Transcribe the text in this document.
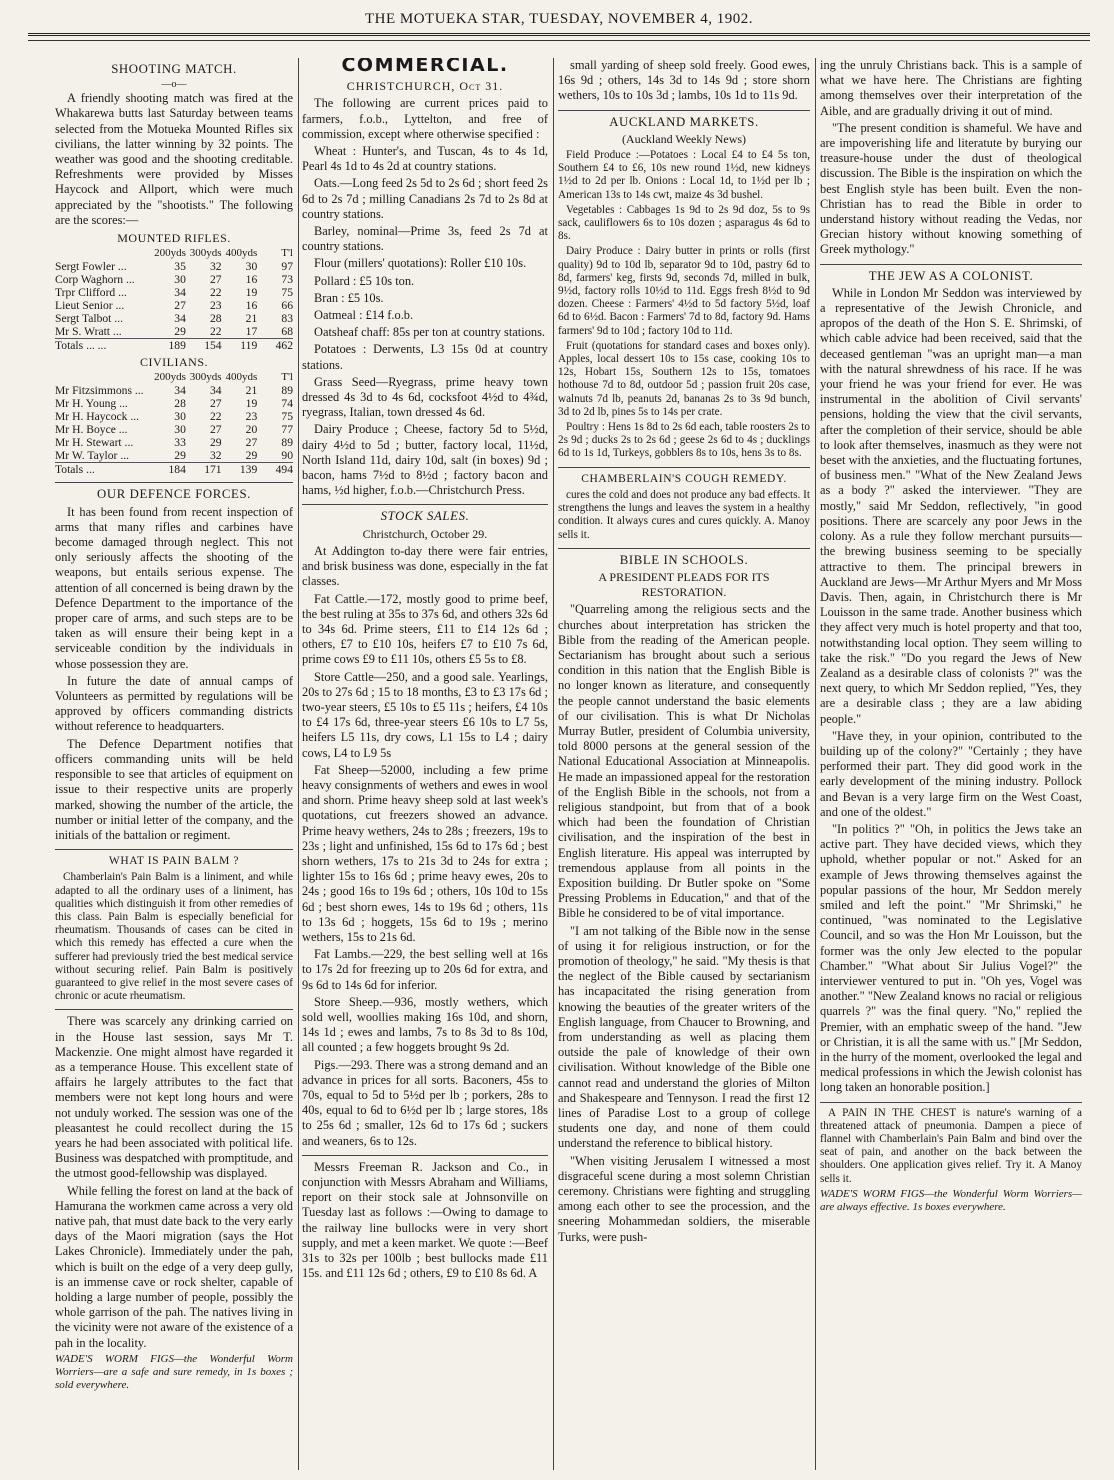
THE MOTUEKA STAR, TUESDAY, NOVEMBER 4, 1902.
SHOOTING MATCH.
—o—

A friendly shooting match was fired at the Whakarewa butts last Saturday between teams selected from the Motueka Mounted Rifles six civilians, the latter winning by 32 points. The weather was good and the shooting creditable. Refreshments were provided by Misses Haycock and Allport, which were much appreciated by the "shootists." The following are the scores:—

MOUNTED RIFLES.
	200yds	300yds	400yds	T'l
Sergt Fowler ...	35	32	30	97
Corp Waghorn ...	30	27	16	73
Trpr Clifford ...	34	22	19	75
Lieut Senior ...	27	23	16	66
Sergt Talbot ...	34	28	21	83
Mr S. Wratt ...	29	22	17	68
Totals ... ...	189	154	119	462
CIVILIANS.
	200yds	300yds	400yds	T'l
Mr Fitzsimmons ...	34	34	21	89
Mr H. Young ...	28	27	19	74
Mr H. Haycock ...	30	22	23	75
Mr H. Boyce ...	30	27	20	77
Mr H. Stewart ...	33	29	27	89
Mr W. Taylor ...	29	32	29	90
Totals ...	184	171	139	494
OUR DEFENCE FORCES.

It has been found from recent inspection of arms that many rifles and carbines have become damaged through neglect. This not only seriously affects the shooting of the weapons, but entails serious expense. The attention of all concerned is being drawn by the Defence Department to the importance of the proper care of arms, and such steps are to be taken as will ensure their being kept in a serviceable condition by the individuals in whose possession they are.

In future the date of annual camps of Volunteers as permitted by regulations will be approved by officers commanding districts without reference to headquarters.

The Defence Department notifies that officers commanding units will be held responsible to see that articles of equipment on issue to their respective units are properly marked, showing the number of the article, the number or initial letter of the company, and the initials of the battalion or regiment.

WHAT IS PAIN BALM ?

Chamberlain's Pain Balm is a liniment, and while adapted to all the ordinary uses of a liniment, has qualities which distinguish it from other remedies of this class. Pain Balm is especially beneficial for rheumatism. Thousands of cases can be cited in which this remedy has effected a cure when the sufferer had previously tried the best medical service without securing relief. Pain Balm is positively guaranteed to give relief in the most severe cases of chronic or acute rheumatism.

There was scarcely any drinking carried on in the House last session, says Mr T. Mackenzie. One might almost have regarded it as a temperance House. This excellent state of affairs he largely attributes to the fact that members were not kept long hours and were not unduly worked. The session was one of the pleasantest he could recollect during the 15 years he had been associated with political life. Business was despatched with promptitude, and the utmost good-fellowship was displayed.

While felling the forest on land at the back of Hamurana the workmen came across a very old native pah, that must date back to the very early days of the Maori migration (says the Hot Lakes Chronicle). Immediately under the pah, which is built on the edge of a very deep gully, is an immense cave or rock shelter, capable of holding a large number of people, possibly the whole garrison of the pah. The natives living in the vicinity were not aware of the existence of a pah in the locality.

WADE'S WORM FIGS—the Wonderful Worm Worriers—are a safe and sure remedy, in 1s boxes ; sold everywhere.

COMMERCIAL.
CHRISTCHURCH, Oct 31.

The following are current prices paid to farmers, f.o.b., Lyttelton, and free of commission, except where otherwise specified :

Wheat : Hunter's, and Tuscan, 4s to 4s 1d, Pearl 4s 1d to 4s 2d at country stations.

Oats.—Long feed 2s 5d to 2s 6d ; short feed 2s 6d to 2s 7d ; milling Canadians 2s 7d to 2s 8d at country stations.

Barley, nominal—Prime 3s, feed 2s 7d at country stations.

Flour (millers' quotations): Roller £10 10s.

Pollard : £5 10s ton.

Bran : £5 10s.

Oatmeal : £14 f.o.b.

Oatsheaf chaff: 85s per ton at country stations.

Potatoes : Derwents, L3 15s 0d at country stations.

Grass Seed—Ryegrass, prime heavy town dressed 4s 3d to 4s 6d, cocksfoot 4½d to 4¾d, ryegrass, Italian, town dressed 4s 6d.

Dairy Produce ; Cheese, factory 5d to 5½d, dairy 4½d to 5d ; butter, factory local, 11½d, North Island 11d, dairy 10d, salt (in boxes) 9d ; bacon, hams 7½d to 8½d ; factory bacon and hams, ½d higher, f.o.b.—Christchurch Press.

STOCK SALES.
Christchurch, October 29.

At Addington to-day there were fair entries, and brisk business was done, especially in the fat classes.

Fat Cattle.—172, mostly good to prime beef, the best ruling at 35s to 37s 6d, and others 32s 6d to 34s 6d. Prime steers, £11 to £14 12s 6d ; others, £7 to £10 10s, heifers £7 to £10 7s 6d, prime cows £9 to £11 10s, others £5 5s to £8.

Store Cattle—250, and a good sale. Yearlings, 20s to 27s 6d ; 15 to 18 months, £3 to £3 17s 6d ; two-year steers, £5 10s to £5 11s ; heifers, £4 10s to £4 17s 6d, three-year steers £6 10s to L7 5s, heifers L5 11s, dry cows, L1 15s to L4 ; dairy cows, L4 to L9 5s

Fat Sheep—52000, including a few prime heavy consignments of wethers and ewes in wool and shorn. Prime heavy sheep sold at last week's quotations, cut freezers showed an advance. Prime heavy wethers, 24s to 28s ; freezers, 19s to 23s ; light and unfinished, 15s 6d to 17s 6d ; best shorn wethers, 17s to 21s 3d to 24s for extra ; lighter 15s to 16s 6d ; prime heavy ewes, 20s to 24s ; good 16s to 19s 6d ; others, 10s 10d to 15s 6d ; best shorn ewes, 14s to 19s 6d ; others, 11s to 13s 6d ; hoggets, 15s 6d to 19s ; merino wethers, 15s to 21s 6d.

Fat Lambs.—229, the best selling well at 16s to 17s 2d for freezing up to 20s 6d for extra, and 9s 6d to 14s 6d for inferior.

Store Sheep.—936, mostly wethers, which sold well, woollies making 16s 10d, and shorn, 14s 1d ; ewes and lambs, 7s to 8s 3d to 8s 10d, all counted ; a few hoggets brought 9s 2d.

Pigs.—293. There was a strong demand and an advance in prices for all sorts. Baconers, 45s to 70s, equal to 5d to 5½d per lb ; porkers, 28s to 40s, equal to 6d to 6½d per lb ; large stores, 18s to 25s 6d ; smaller, 12s 6d to 17s 6d ; suckers and weaners, 6s to 12s.

Messrs Freeman R. Jackson and Co., in conjunction with Messrs Abraham and Williams, report on their stock sale at Johnsonville on Tuesday last as follows :—Owing to damage to the railway line bullocks were in very short supply, and met a keen market. We quote :—Beef 31s to 32s per 100lb ; best bullocks made £11 15s. and £11 12s 6d ; others, £9 to £10 8s 6d. A

small yarding of sheep sold freely. Good ewes, 16s 9d ; others, 14s 3d to 14s 9d ; store shorn wethers, 10s to 10s 3d ; lambs, 10s 1d to 11s 9d.

AUCKLAND MARKETS.
(Auckland Weekly News)

Field Produce :—Potatoes : Local £4 to £4 5s ton, Southern £4 to £6, 10s new round 1½d, new kidneys 1½d to 2d per lb. Onions : Local 1d, to 1½d per lb ; American 13s to 14s cwt, maize 4s 3d bushel.

Vegetables : Cabbages 1s 9d to 2s 9d doz, 5s to 9s sack, cauliflowers 6s to 10s dozen ; asparagus 4s 6d to 8s.

Dairy Produce : Dairy butter in prints or rolls (first quality) 9d to 10d lb, separator 9d to 10d, pastry 6d to 8d, farmers' keg, firsts 9d, seconds 7d, milled in bulk, 9½d, factory rolls 10½d to 11d. Eggs fresh 8½d to 9d dozen. Cheese : Farmers' 4½d to 5d factory 5½d, loaf 6d to 6½d. Bacon : Farmers' 7d to 8d, factory 9d. Hams farmers' 9d to 10d ; factory 10d to 11d.

Fruit (quotations for standard cases and boxes only). Apples, local dessert 10s to 15s case, cooking 10s to 12s, Hobart 15s, Southern 12s to 15s, tomatoes hothouse 7d to 8d, outdoor 5d ; passion fruit 20s case, walnuts 7d lb, peanuts 2d, bananas 2s to 3s 9d bunch, 3d to 2d lb, pines 5s to 14s per crate.

Poultry : Hens 1s 8d to 2s 6d each, table roosters 2s to 2s 9d ; ducks 2s to 2s 6d ; geese 2s 6d to 4s ; ducklings 6d to 1s 1d, Turkeys, gobblers 8s to 10s, hens 3s to 8s.

CHAMBERLAIN'S COUGH REMEDY.

cures the cold and does not produce any bad effects. It strengthens the lungs and leaves the system in a healthy condition. It always cures and cures quickly. A. Manoy sells it.

BIBLE IN SCHOOLS.
A PRESIDENT PLEADS FOR ITS RESTORATION.

"Quarreling among the religious sects and the churches about interpretation has stricken the Bible from the reading of the American people. Sectarianism has brought about such a serious condition in this nation that the English Bible is no longer known as literature, and consequently the people cannot understand the basic elements of our civilisation. This is what Dr Nicholas Murray Butler, president of Columbia university, told 8000 persons at the general session of the National Educational Association at Minneapolis. He made an impassioned appeal for the restoration of the English Bible in the schools, not from a religious standpoint, but from that of a book which had been the foundation of Christian civilisation, and the inspiration of the best in English literature. His appeal was interrupted by tremendous applause from all points in the Exposition building. Dr Butler spoke on "Some Pressing Problems in Education," and that of the Bible he considered to be of vital importance.

"I am not talking of the Bible now in the sense of using it for religious instruction, or for the promotion of theology," he said. "My thesis is that the neglect of the Bible caused by sectarianism has incapacitated the rising generation from knowing the beauties of the greater writers of the English language, from Chaucer to Browning, and from understanding as well as placing them outside the pale of knowledge of their own civilisation. Without knowledge of the Bible one cannot read and understand the glories of Milton and Shakespeare and Tennyson. I read the first 12 lines of Paradise Lost to a group of college students one day, and none of them could understand the reference to biblical history.

"When visiting Jerusalem I witnessed a most disgraceful scene during a most solemn Christian ceremony. Christians were fighting and struggling among each other to see the procession, and the sneering Mohammedan soldiers, the miserable Turks, were push-

ing the unruly Christians back. This is a sample of what we have here. The Christians are fighting among themselves over their interpretation of the Aible, and are gradually driving it out of mind.

"The present condition is shameful. We have and are impoverishing life and literatute by burying our treasure-house under the dust of theological discussion. The Bible is the inspiration on which the best English style has been built. Even the non-Christian has to read the Bible in order to understand history without reading the Vedas, nor Grecian history without knowing something of Greek mythology."

THE JEW AS A COLONIST.

While in London Mr Seddon was interviewed by a representative of the Jewish Chronicle, and apropos of the death of the Hon S. E. Shrimski, of which cable advice had been received, said that the deceased gentleman "was an upright man—a man with the natural shrewdness of his race. If he was your friend he was your friend for ever. He was instrumental in the abolition of Civil servants' pensions, holding the view that the civil servants, after the completion of their service, should be able to look after themselves, inasmuch as they were not beset with the anxieties, and the fluctuating fortunes, of business men." "What of the New Zealand Jews as a body ?" asked the interviewer. "They are mostly," said Mr Seddon, reflectively, "in good positions. There are scarcely any poor Jews in the colony. As a rule they follow merchant pursuits—the brewing business seeming to be specially attractive to them. The principal brewers in Auckland are Jews—Mr Arthur Myers and Mr Moss Davis. Then, again, in Christchurch there is Mr Louisson in the same trade. Another business which they affect very much is hotel property and that too, notwithstanding local option. They seem willing to take the risk." "Do you regard the Jews of New Zealand as a desirable class of colonists ?" was the next query, to which Mr Seddon replied, "Yes, they are a desirable class ; they are a law abiding people."

"Have they, in your opinion, contributed to the building up of the colony?" "Certainly ; they have performed their part. They did good work in the early development of the mining industry. Pollock and Bevan is a very large firm on the West Coast, and one of the oldest."

"In politics ?" "Oh, in politics the Jews take an active part. They have decided views, which they uphold, whether popular or not." Asked for an example of Jews throwing themselves against the popular passions of the hour, Mr Seddon merely smiled and left the point." "Mr Shrimski," he continued, "was nominated to the Legislative Council, and so was the Hon Mr Louisson, but the former was the only Jew elected to the popular Chamber." "What about Sir Julius Vogel?" the interviewer ventured to put in. "Oh yes, Vogel was another." "New Zealand knows no racial or religious quarrels ?" was the final query. "No," replied the Premier, with an emphatic sweep of the hand. "Jew or Christian, it is all the same with us." [Mr Seddon, in the hurry of the moment, overlooked the legal and medical professions in which the Jewish colonist has long taken an honorable position.]

A PAIN IN THE CHEST is nature's warning of a threatened attack of pneumonia. Dampen a piece of flannel with Chamberlain's Pain Balm and bind over the seat of pain, and another on the back between the shoulders. One application gives relief. Try it. A Manoy sells it.

WADE'S WORM FIGS—the Wonderful Worm Worriers—are always effective. 1s boxes everywhere.
